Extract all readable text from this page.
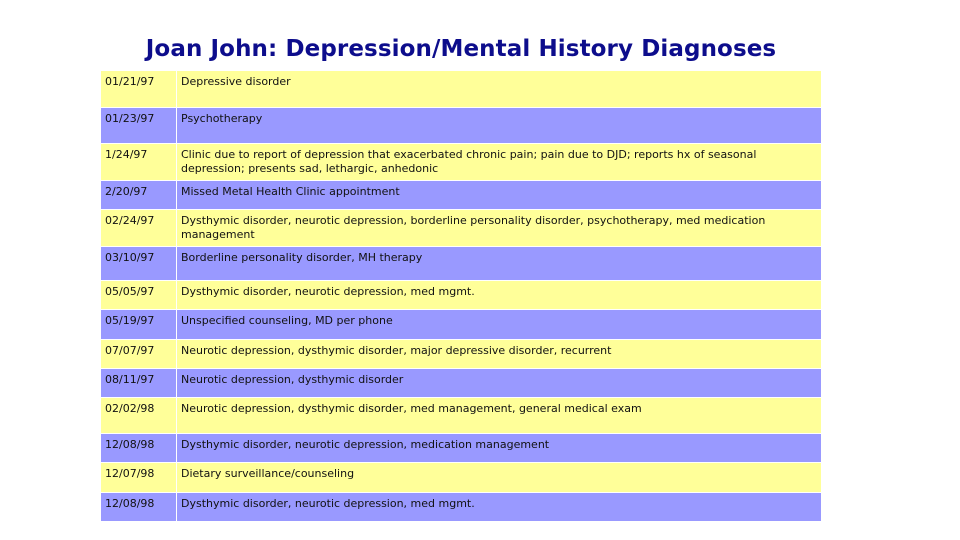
Joan John: Depression/Mental History Diagnoses
01/21/97	Depressive disorder
01/23/97	Psychotherapy
1/24/97	Clinic due to report of depression that exacerbated chronic pain; pain due to DJD; reports hx of seasonal depression; presents sad, lethargic, anhedonic
2/20/97	Missed Metal Health Clinic appointment
02/24/97	Dysthymic disorder, neurotic depression, borderline personality disorder, psychotherapy, med medication management
03/10/97	Borderline personality disorder, MH therapy
05/05/97	Dysthymic disorder, neurotic depression, med mgmt.
05/19/97	Unspecified counseling, MD per phone
07/07/97	Neurotic depression, dysthymic disorder, major depressive disorder, recurrent
08/11/97	Neurotic depression, dysthymic disorder
02/02/98	Neurotic depression, dysthymic disorder, med management, general medical exam
12/08/98	Dysthymic disorder, neurotic depression, medication management
12/07/98	Dietary surveillance/counseling
12/08/98	Dysthymic disorder, neurotic depression, med mgmt.
